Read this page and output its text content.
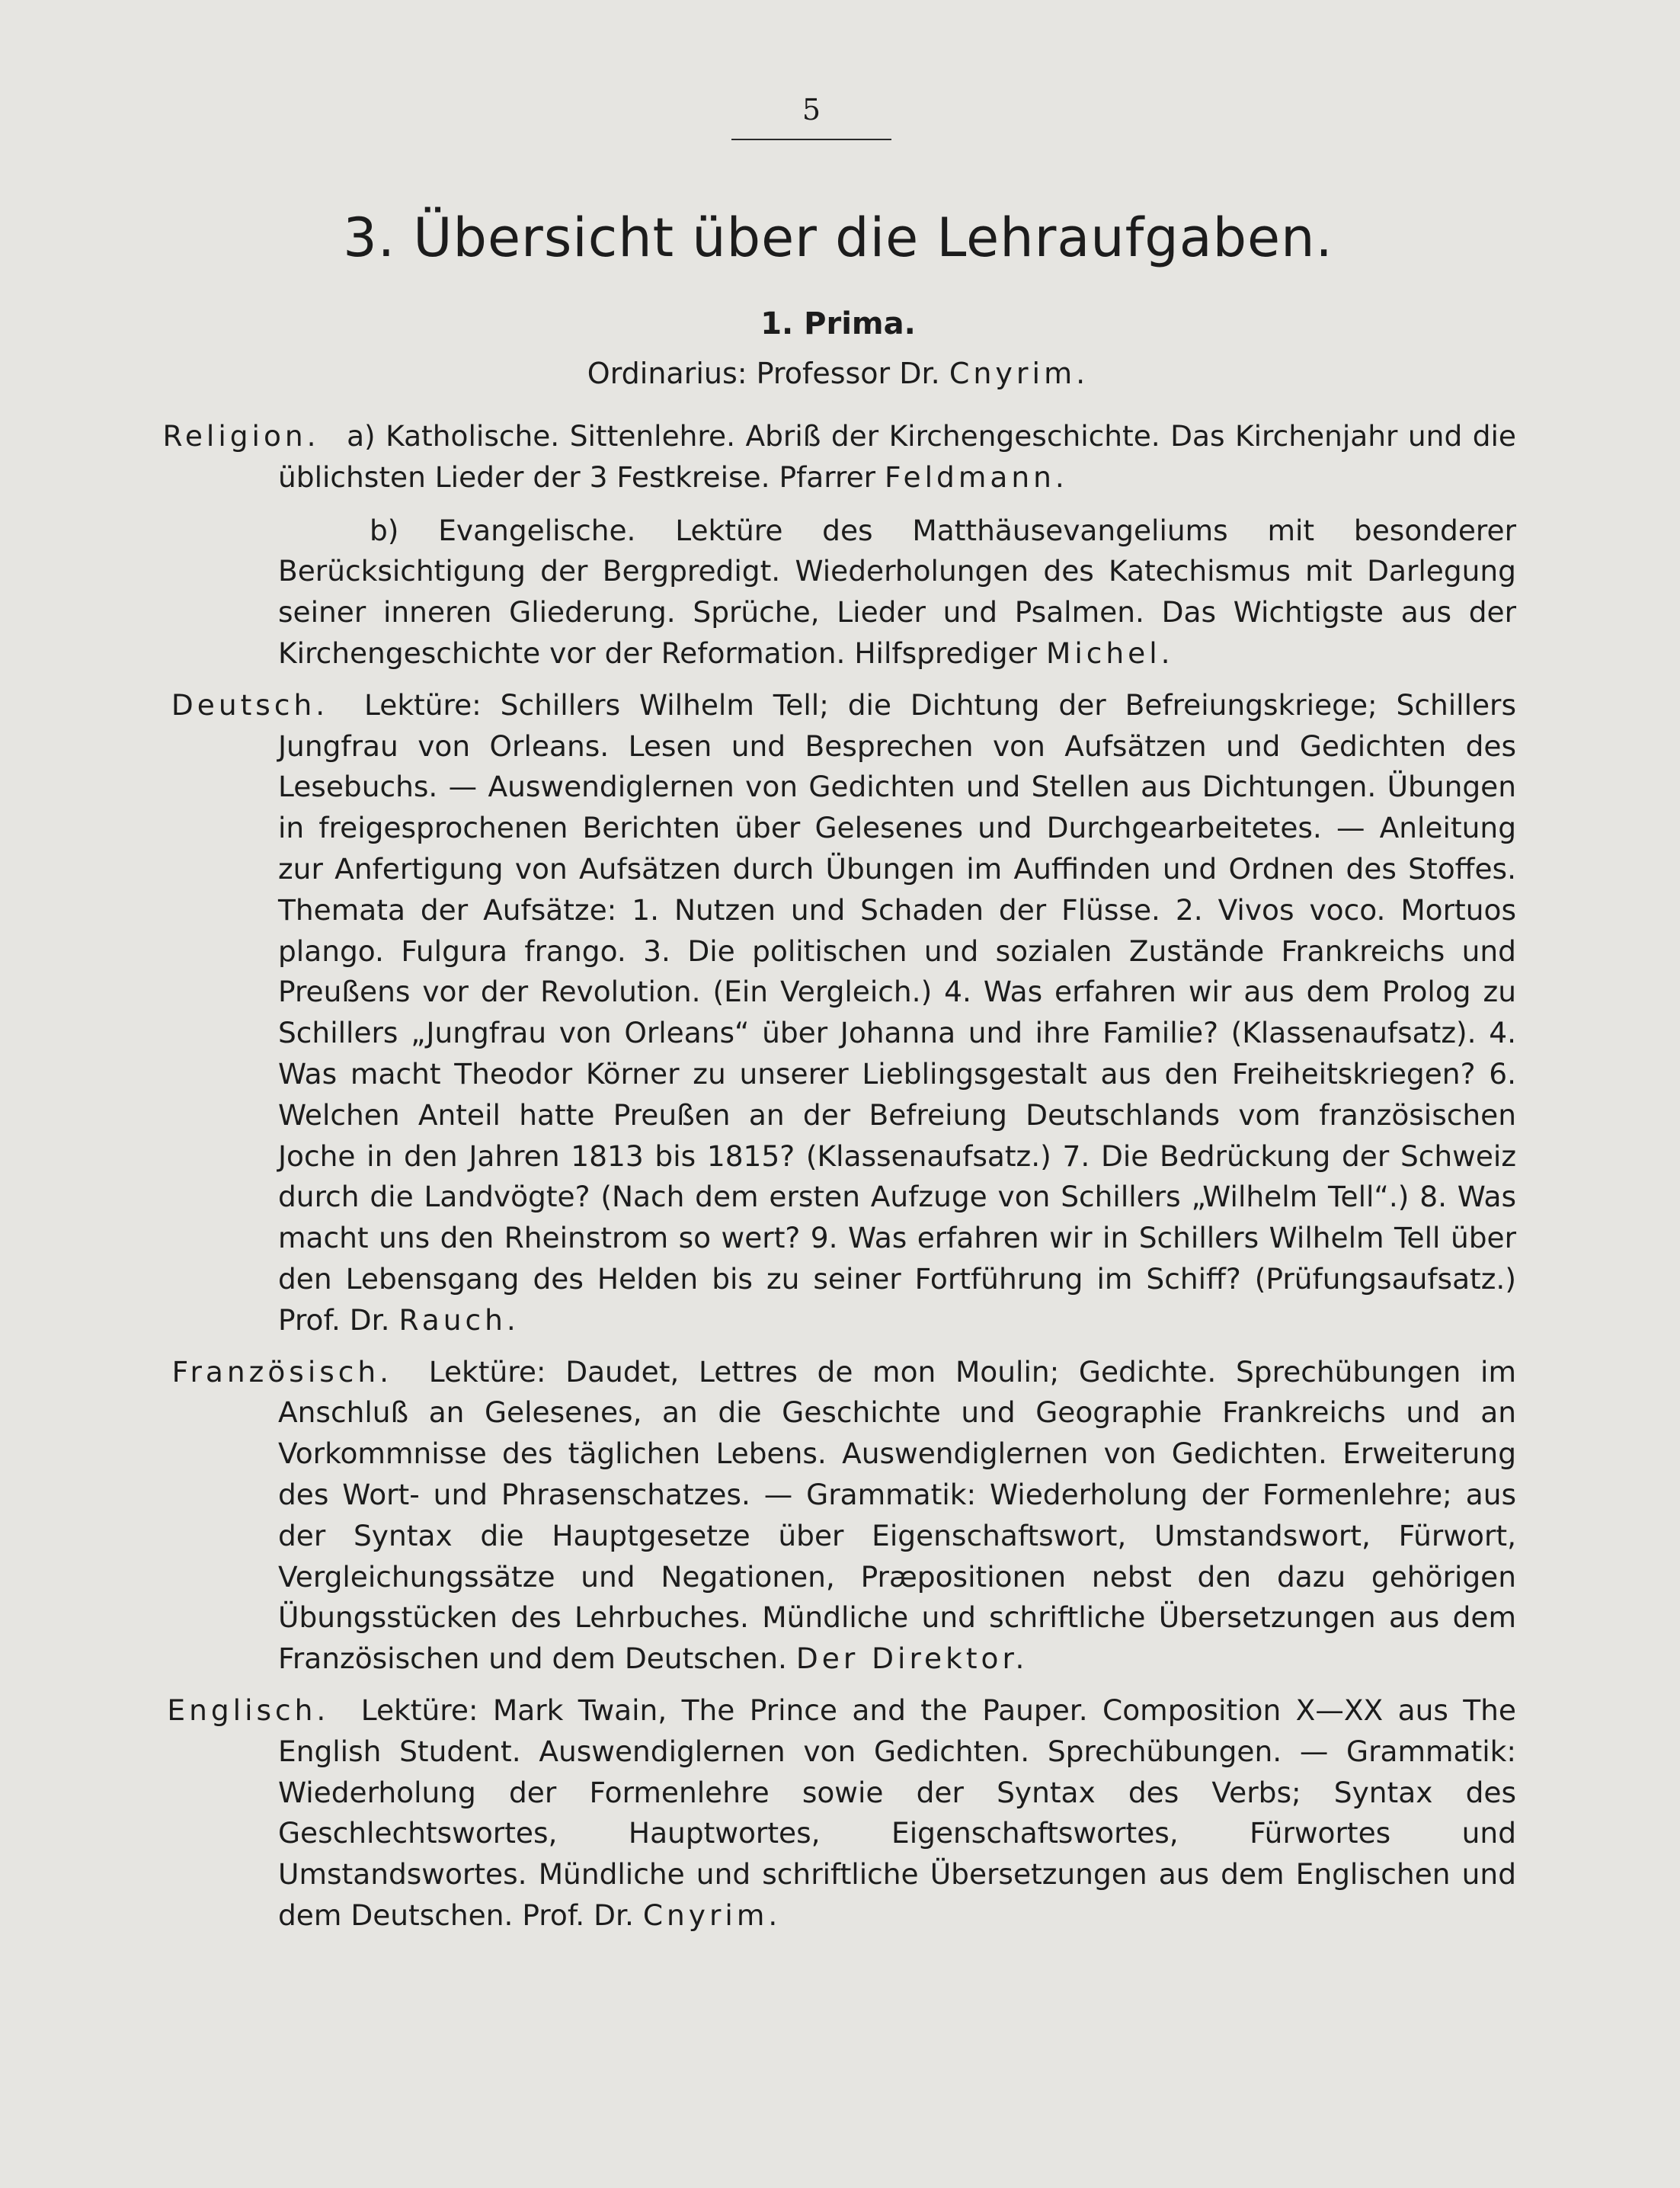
5
3. Übersicht über die Lehraufgaben.
1. Prima.
Ordinarius: Professor Dr. Cnyrim.

Religion. a) Katholische. Sittenlehre. Abriß der Kirchengeschichte. Das Kirchenjahr und die üblichsten Lieder der 3 Festkreise. Pfarrer Feldmann.

b) Evangelische. Lektüre des Matthäusevangeliums mit besonderer Berücksichtigung der Bergpredigt. Wiederholungen des Katechismus mit Darlegung seiner inneren Gliederung. Sprüche, Lieder und Psalmen. Das Wichtigste aus der Kirchengeschichte vor der Reformation. Hilfsprediger Michel.

Deutsch. Lektüre: Schillers Wilhelm Tell; die Dichtung der Befreiungskriege; Schillers Jungfrau von Orleans. Lesen und Besprechen von Aufsätzen und Gedichten des Lesebuchs. — Auswendiglernen von Gedichten und Stellen aus Dichtungen. Übungen in freigesprochenen Berichten über Gelesenes und Durchgearbeitetes. — Anleitung zur Anfertigung von Aufsätzen durch Übungen im Auffinden und Ordnen des Stoffes. Themata der Aufsätze: 1. Nutzen und Schaden der Flüsse. 2. Vivos voco. Mortuos plango. Fulgura frango. 3. Die politischen und sozialen Zustände Frankreichs und Preußens vor der Revolution. (Ein Vergleich.) 4. Was erfahren wir aus dem Prolog zu Schillers „Jungfrau von Orleans“ über Johanna und ihre Familie? (Klassenaufsatz). 4. Was macht Theodor Körner zu unserer Lieblingsgestalt aus den Freiheitskriegen? 6. Welchen Anteil hatte Preußen an der Befreiung Deutschlands vom französischen Joche in den Jahren 1813 bis 1815? (Klassenaufsatz.) 7. Die Bedrückung der Schweiz durch die Landvögte? (Nach dem ersten Aufzuge von Schillers „Wilhelm Tell“.) 8. Was macht uns den Rheinstrom so wert? 9. Was erfahren wir in Schillers Wilhelm Tell über den Lebensgang des Helden bis zu seiner Fortführung im Schiff? (Prüfungsaufsatz.) Prof. Dr. Rauch.

Französisch. Lektüre: Daudet, Lettres de mon Moulin; Gedichte. Sprechübungen im Anschluß an Gelesenes, an die Geschichte und Geographie Frankreichs und an Vorkommnisse des täglichen Lebens. Auswendiglernen von Gedichten. Erweiterung des Wort- und Phrasenschatzes. — Grammatik: Wiederholung der Formenlehre; aus der Syntax die Hauptgesetze über Eigenschaftswort, Umstandswort, Fürwort, Vergleichungssätze und Negationen, Præpositionen nebst den dazu gehörigen Übungsstücken des Lehrbuches. Mündliche und schriftliche Übersetzungen aus dem Französischen und dem Deutschen. Der Direktor.

Englisch. Lektüre: Mark Twain, The Prince and the Pauper. Composition X—XX aus The English Student. Auswendiglernen von Gedichten. Sprechübungen. — Grammatik: Wiederholung der Formenlehre sowie der Syntax des Verbs; Syntax des Geschlechtswortes, Hauptwortes, Eigenschaftswortes, Fürwortes und Umstandswortes. Mündliche und schriftliche Übersetzungen aus dem Englischen und dem Deutschen. Prof. Dr. Cnyrim.
